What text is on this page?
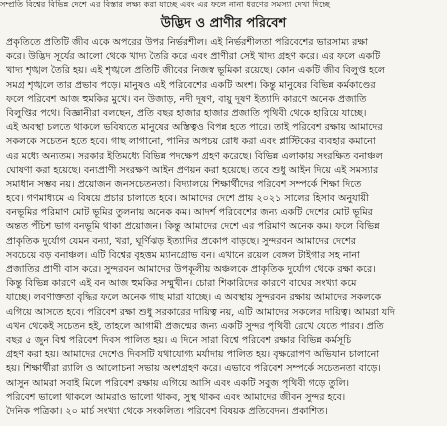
সম্প্রতি বিশ্বের বিভিন্ন দেশে এর বিস্তার লক্ষ্য করা যাচ্ছে এবং এর ফলে নানা ধরণের সমস্যা দেখা দিচ্ছে
উদ্ভিদ ও প্রাণীর পরিবেশ
প্রকৃতিতে প্রতিটি জীব একে অপরের উপর নির্ভরশীল। এই নির্ভরশীলতা পরিবেশের ভারসাম্য রক্ষা
করে। উদ্ভিদ সূর্যের আলো থেকে খাদ্য তৈরি করে এবং প্রাণীরা সেই খাদ্য গ্রহণ করে। এর ফলে একটি
খাদ্য শৃঙ্খল তৈরি হয়। এই শৃঙ্খলে প্রতিটি জীবের নিজস্ব ভূমিকা রয়েছে। কোন একটি জীব বিলুপ্ত হলে
সমগ্র শৃঙ্খলে তার প্রভাব পড়ে। মানুষও এই পরিবেশের একটি অংশ। কিন্তু মানুষের বিভিন্ন কর্মকাণ্ডের
ফলে পরিবেশ আজ হুমকির মুখে। বন উজাড়, নদী দূষণ, বায়ু দূষণ ইত্যাদি কারণে অনেক প্রজাতি
বিলুপ্তির পথে। বিজ্ঞানীরা বলছেন, প্রতি বছর হাজার হাজার প্রজাতি পৃথিবী থেকে হারিয়ে যাচ্ছে।
এই অবস্থা চলতে থাকলে ভবিষ্যতে মানুষের অস্তিত্বও বিপন্ন হতে পারে। তাই পরিবেশ রক্ষায় আমাদের
সকলকে সচেতন হতে হবে। গাছ লাগানো, পানির অপচয় রোধ করা এবং প্লাস্টিকের ব্যবহার কমানো
এর মধ্যে অন্যতম। সরকার ইতিমধ্যে বিভিন্ন পদক্ষেপ গ্রহণ করেছে। বিভিন্ন এলাকায় সংরক্ষিত বনাঞ্চল
ঘোষণা করা হয়েছে। বন্যপ্রাণী সংরক্ষণ আইন প্রণয়ন করা হয়েছে। তবে শুধু আইন দিয়ে এই সমস্যার
সমাধান সম্ভব নয়। প্রয়োজন জনসচেতনতা। বিদ্যালয়ে শিক্ষার্থীদের পরিবেশ সম্পর্কে শিক্ষা দিতে
হবে। গণমাধ্যমে এ বিষয়ে প্রচার চালাতে হবে। আমাদের দেশে প্রায় ২০২১ সালের হিসাব অনুযায়ী
বনভূমির পরিমাণ মোট ভূমির তুলনায় অনেক কম। আদর্শ পরিবেশের জন্য একটি দেশের মোট ভূমির
অন্তত পঁচিশ ভাগ বনভূমি থাকা প্রয়োজন। কিন্তু আমাদের দেশে এর পরিমাণ অনেক কম। ফলে বিভিন্ন
প্রাকৃতিক দুর্যোগ যেমন বন্যা, খরা, ঘূর্ণিঝড় ইত্যাদির প্রকোপ বাড়ছে। সুন্দরবন আমাদের দেশের
সবচেয়ে বড় বনাঞ্চল। এটি বিশ্বের বৃহত্তম ম্যানগ্রোভ বন। এখানে রয়েল বেঙ্গল টাইগার সহ নানা
প্রজাতির প্রাণী বাস করে। সুন্দরবন আমাদের উপকূলীয় অঞ্চলকে প্রাকৃতিক দুর্যোগ থেকে রক্ষা করে।
কিন্তু বিভিন্ন কারণে এই বন আজ হুমকির সম্মুখীন। চোরা শিকারিদের কারণে বাঘের সংখ্যা কমে
যাচ্ছে। লবণাক্ততা বৃদ্ধির ফলে অনেক গাছ মারা যাচ্ছে। এ অবস্থায় সুন্দরবন রক্ষায় আমাদের সকলকে
এগিয়ে আসতে হবে। পরিবেশ রক্ষা শুধু সরকারের দায়িত্ব নয়, এটি আমাদের সকলের দায়িত্ব। আমরা যদি
এখন থেকেই সচেতন হই, তাহলে আগামী প্রজন্মের জন্য একটি সুন্দর পৃথিবী রেখে যেতে পারব। প্রতি
বছর ৫ জুন বিশ্ব পরিবেশ দিবস পালিত হয়। এ দিনে সারা বিশ্বে পরিবেশ রক্ষার বিভিন্ন কর্মসূচি
গ্রহণ করা হয়। আমাদের দেশেও দিবসটি যথাযোগ্য মর্যাদায় পালিত হয়। বৃক্ষরোপণ অভিযান চালানো
হয়। শিক্ষার্থীরা র‍্যালি ও আলোচনা সভায় অংশগ্রহণ করে। এভাবে পরিবেশ সম্পর্কে সচেতনতা বাড়ে।
আসুন আমরা সবাই মিলে পরিবেশ রক্ষায় এগিয়ে আসি এবং একটি সবুজ পৃথিবী গড়ে তুলি।
পরিবেশ ভালো থাকলে আমরাও ভালো থাকব, সুস্থ থাকব এবং আমাদের জীবন সুন্দর হবে।
দৈনিক পত্রিকা। ২০ মার্চ সংখ্যা থেকে সংকলিত। পরিবেশ বিষয়ক প্রতিবেদন। প্রকাশিত।
